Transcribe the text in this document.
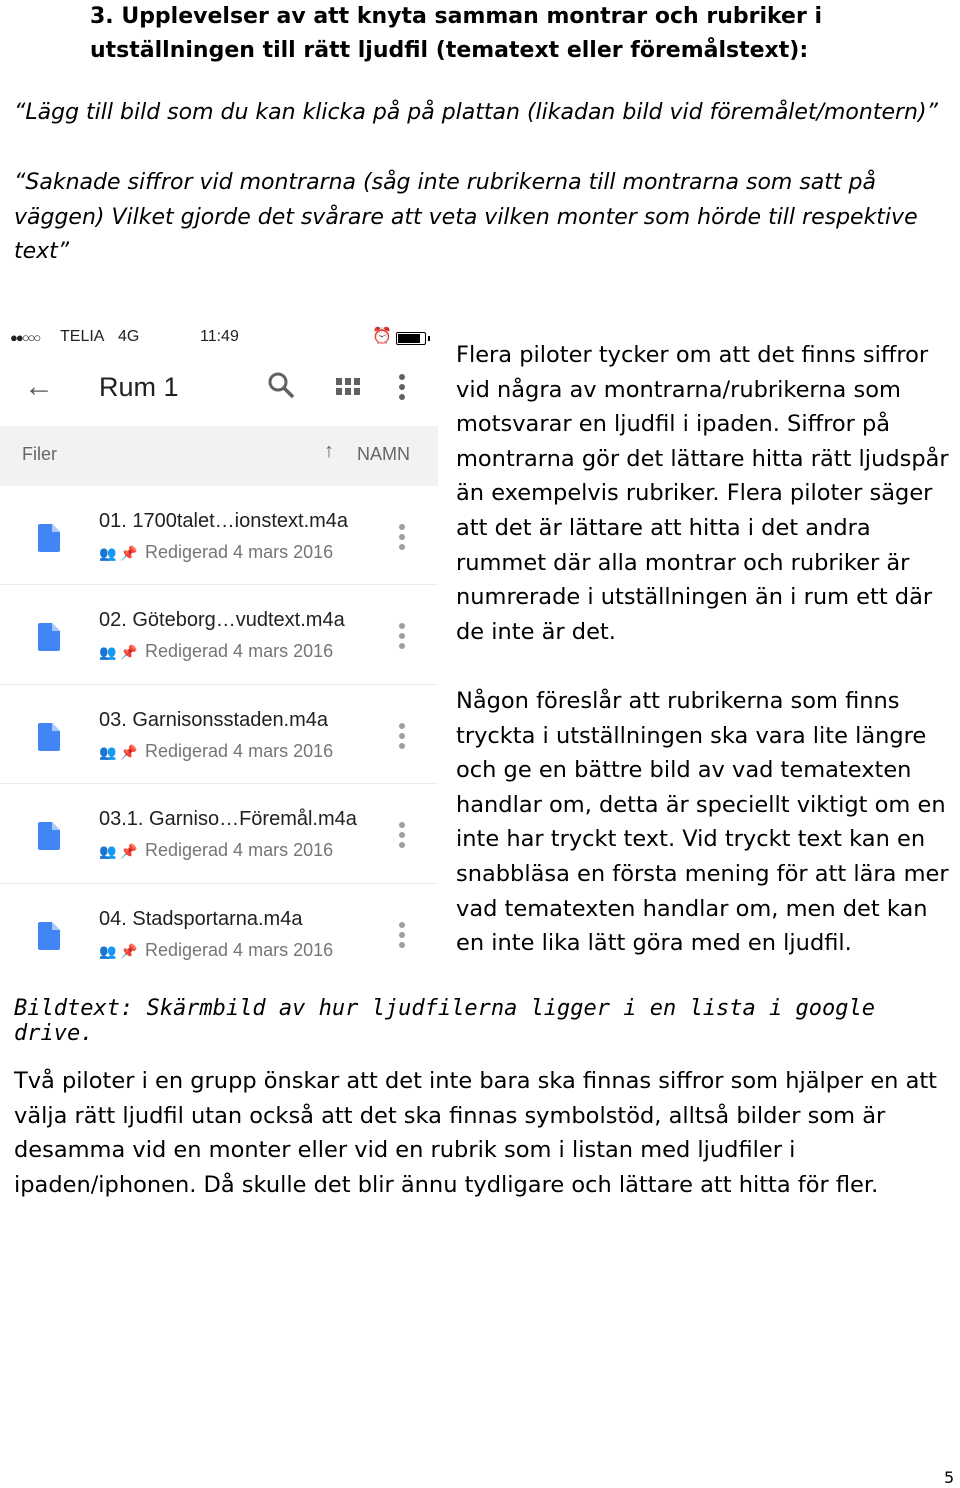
3. Upplevelser av att knyta samman montrar och rubriker i utställningen till rätt ljudfil (tematext eller föremålstext):
“Lägg till bild som du kan klicka på på plattan (likadan bild vid föremålet/montern)”
“Saknade siffror vid montrarna (såg inte rubrikerna till montrarna som satt på väggen) Vilket gjorde det svårare att veta vilken monter som hörde till respektive text”
●●○○○ TELIA 4G	11:49	⏰
← Rum 1
Filer	↑ NAMN
01. 1700talet…ionstext.m4a
👥 📌 Redigerad 4 mars 2016
02. Göteborg…vudtext.m4a
👥 📌 Redigerad 4 mars 2016
03. Garnisonsstaden.m4a
👥 📌 Redigerad 4 mars 2016
03.1. Garniso…Föremål.m4a
👥 📌 Redigerad 4 mars 2016
04. Stadsportarna.m4a
👥 📌 Redigerad 4 mars 2016
Flera piloter tycker om att det finns siffror vid några av montrarna/rubrikerna som motsvarar en ljudfil i ipaden. Siffror på montrarna gör det lättare hitta rätt ljudspår än exempelvis rubriker. Flera piloter säger att det är lättare att hitta i det andra rummet där alla montrar och rubriker är numrerade i utställningen än i rum ett där de inte är det.
Någon föreslår att rubrikerna som finns tryckta i utställningen ska vara lite längre och ge en bättre bild av vad tematexten handlar om, detta är speciellt viktigt om en inte har tryckt text. Vid tryckt text kan en snabbläsa en första mening för att lära mer vad tematexten handlar om, men det kan en inte lika lätt göra med en ljudfil.
Bildtext: Skärmbild av hur ljudfilerna ligger i en lista i google drive.
Två piloter i en grupp önskar att det inte bara ska finnas siffror som hjälper en att välja rätt ljudfil utan också att det ska finnas symbolstöd, alltså bilder som är desamma vid en monter eller vid en rubrik som i listan med ljudfiler i ipaden/iphonen. Då skulle det blir ännu tydligare och lättare att hitta för fler.
5
